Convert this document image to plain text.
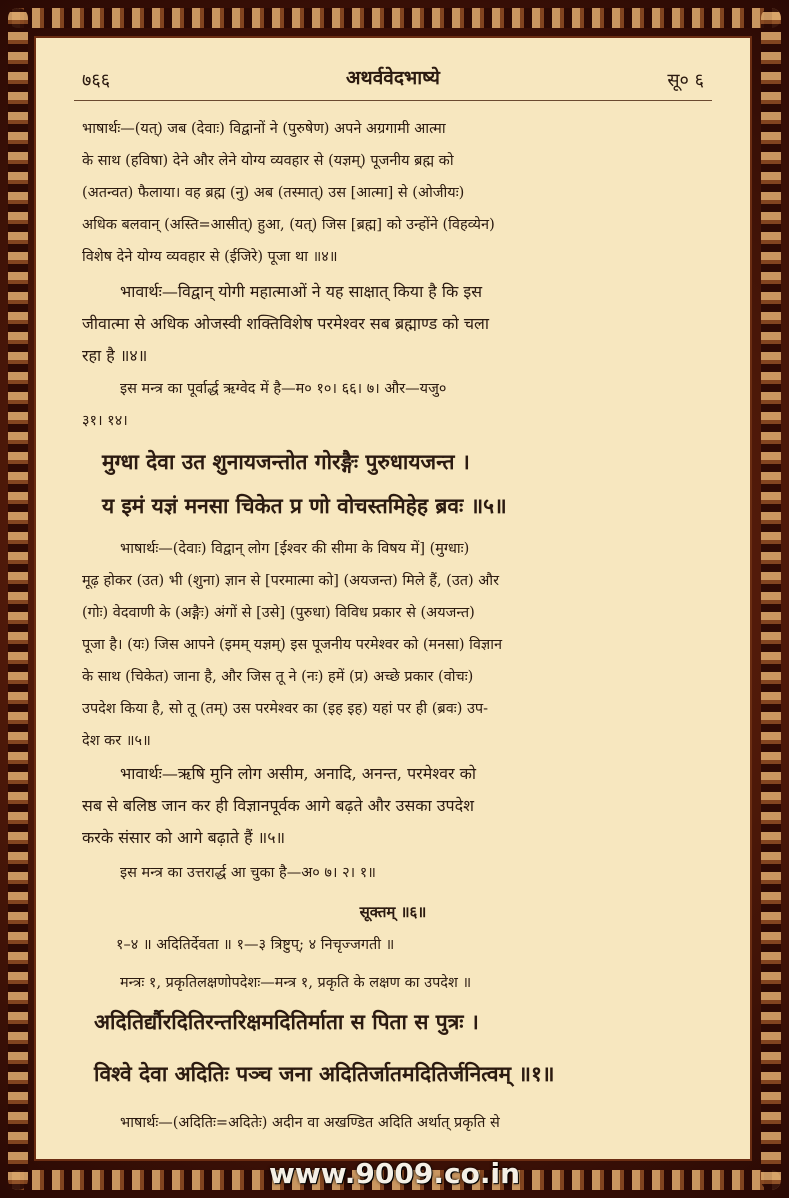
७६६	अथर्ववेदभाष्ये	सू० ६
भाषार्थः—(यत्) जब (देवाः) विद्वानों ने (पुरुषेण) अपने अग्रगामी आत्मा
के साथ (हविषा) देने और लेने योग्य व्यवहार से (यज्ञम्) पूजनीय ब्रह्म को
(अतन्वत) फैलाया। वह ब्रह्म (नु) अब (तस्मात्) उस [आत्मा] से (ओजीयः)
अधिक बलवान् (अस्ति=आसीत्) हुआ, (यत्) जिस [ब्रह्म] को उन्होंने (विहव्येन)
विशेष देने योग्य व्यवहार से (ईजिरे) पूजा था ॥४॥
भावार्थः—विद्वान् योगी महात्माओं ने यह साक्षात् किया है कि इस
जीवात्मा से अधिक ओजस्वी शक्तिविशेष परमेश्वर सब ब्रह्माण्ड को चला
रहा है ॥४॥
इस मन्त्र का पूर्वार्द्ध ऋग्वेद में है—म० १०। ६६। ७। और—यजु०
३१। १४।
मुग्धा देवा उत शुनायजन्तोत गोरङ्गैः पुरुधायजन्त ।
य इमं यज्ञं मनसा चिकेत प्र णो वोचस्तमिहेह ब्रवः ॥५॥
भाषार्थः—(देवाः) विद्वान् लोग [ईश्वर की सीमा के विषय में] (मुग्धाः)
मूढ़ होकर (उत) भी (शुना) ज्ञान से [परमात्मा को] (अयजन्त) मिले हैं, (उत) और
(गोः) वेदवाणी के (अङ्गैः) अंगों से [उसे] (पुरुधा) विविध प्रकार से (अयजन्त)
पूजा है। (यः) जिस आपने (इमम् यज्ञम्) इस पूजनीय परमेश्वर को (मनसा) विज्ञान
के साथ (चिकेत) जाना है, और जिस तू ने (नः) हमें (प्र) अच्छे प्रकार (वोचः)
उपदेश किया है, सो तू (तम्) उस परमेश्वर का (इह इह) यहां पर ही (ब्रवः) उप-
देश कर ॥५॥
भावार्थः—ऋषि मुनि लोग असीम, अनादि, अनन्त, परमेश्वर को
सब से बलिष्ठ जान कर ही विज्ञानपूर्वक आगे बढ़ते और उसका उपदेश
करके संसार को आगे बढ़ाते हैं ॥५॥
इस मन्त्र का उत्तरार्द्ध आ चुका है—अ० ७। २। १॥
सूक्तम् ॥६॥
१–४ ॥ अदितिर्देवता ॥ १—३ त्रिष्टुप्; ४ निचृज्जगती ॥
मन्त्रः १, प्रकृतिलक्षणोपदेशः—मन्त्र १, प्रकृति के लक्षण का उपदेश ॥
अदितिर्द्यौरदितिरन्तरिक्षमदितिर्माता स पिता स पुत्रः ।
विश्वे देवा अदितिः पञ्च जना अदितिर्जातमदितिर्जनित्वम् ॥१॥
भाषार्थः—(अदितिः=अदितेः) अदीन वा अखण्डित अदिति अर्थात् प्रकृति से
www.9009.co.in
